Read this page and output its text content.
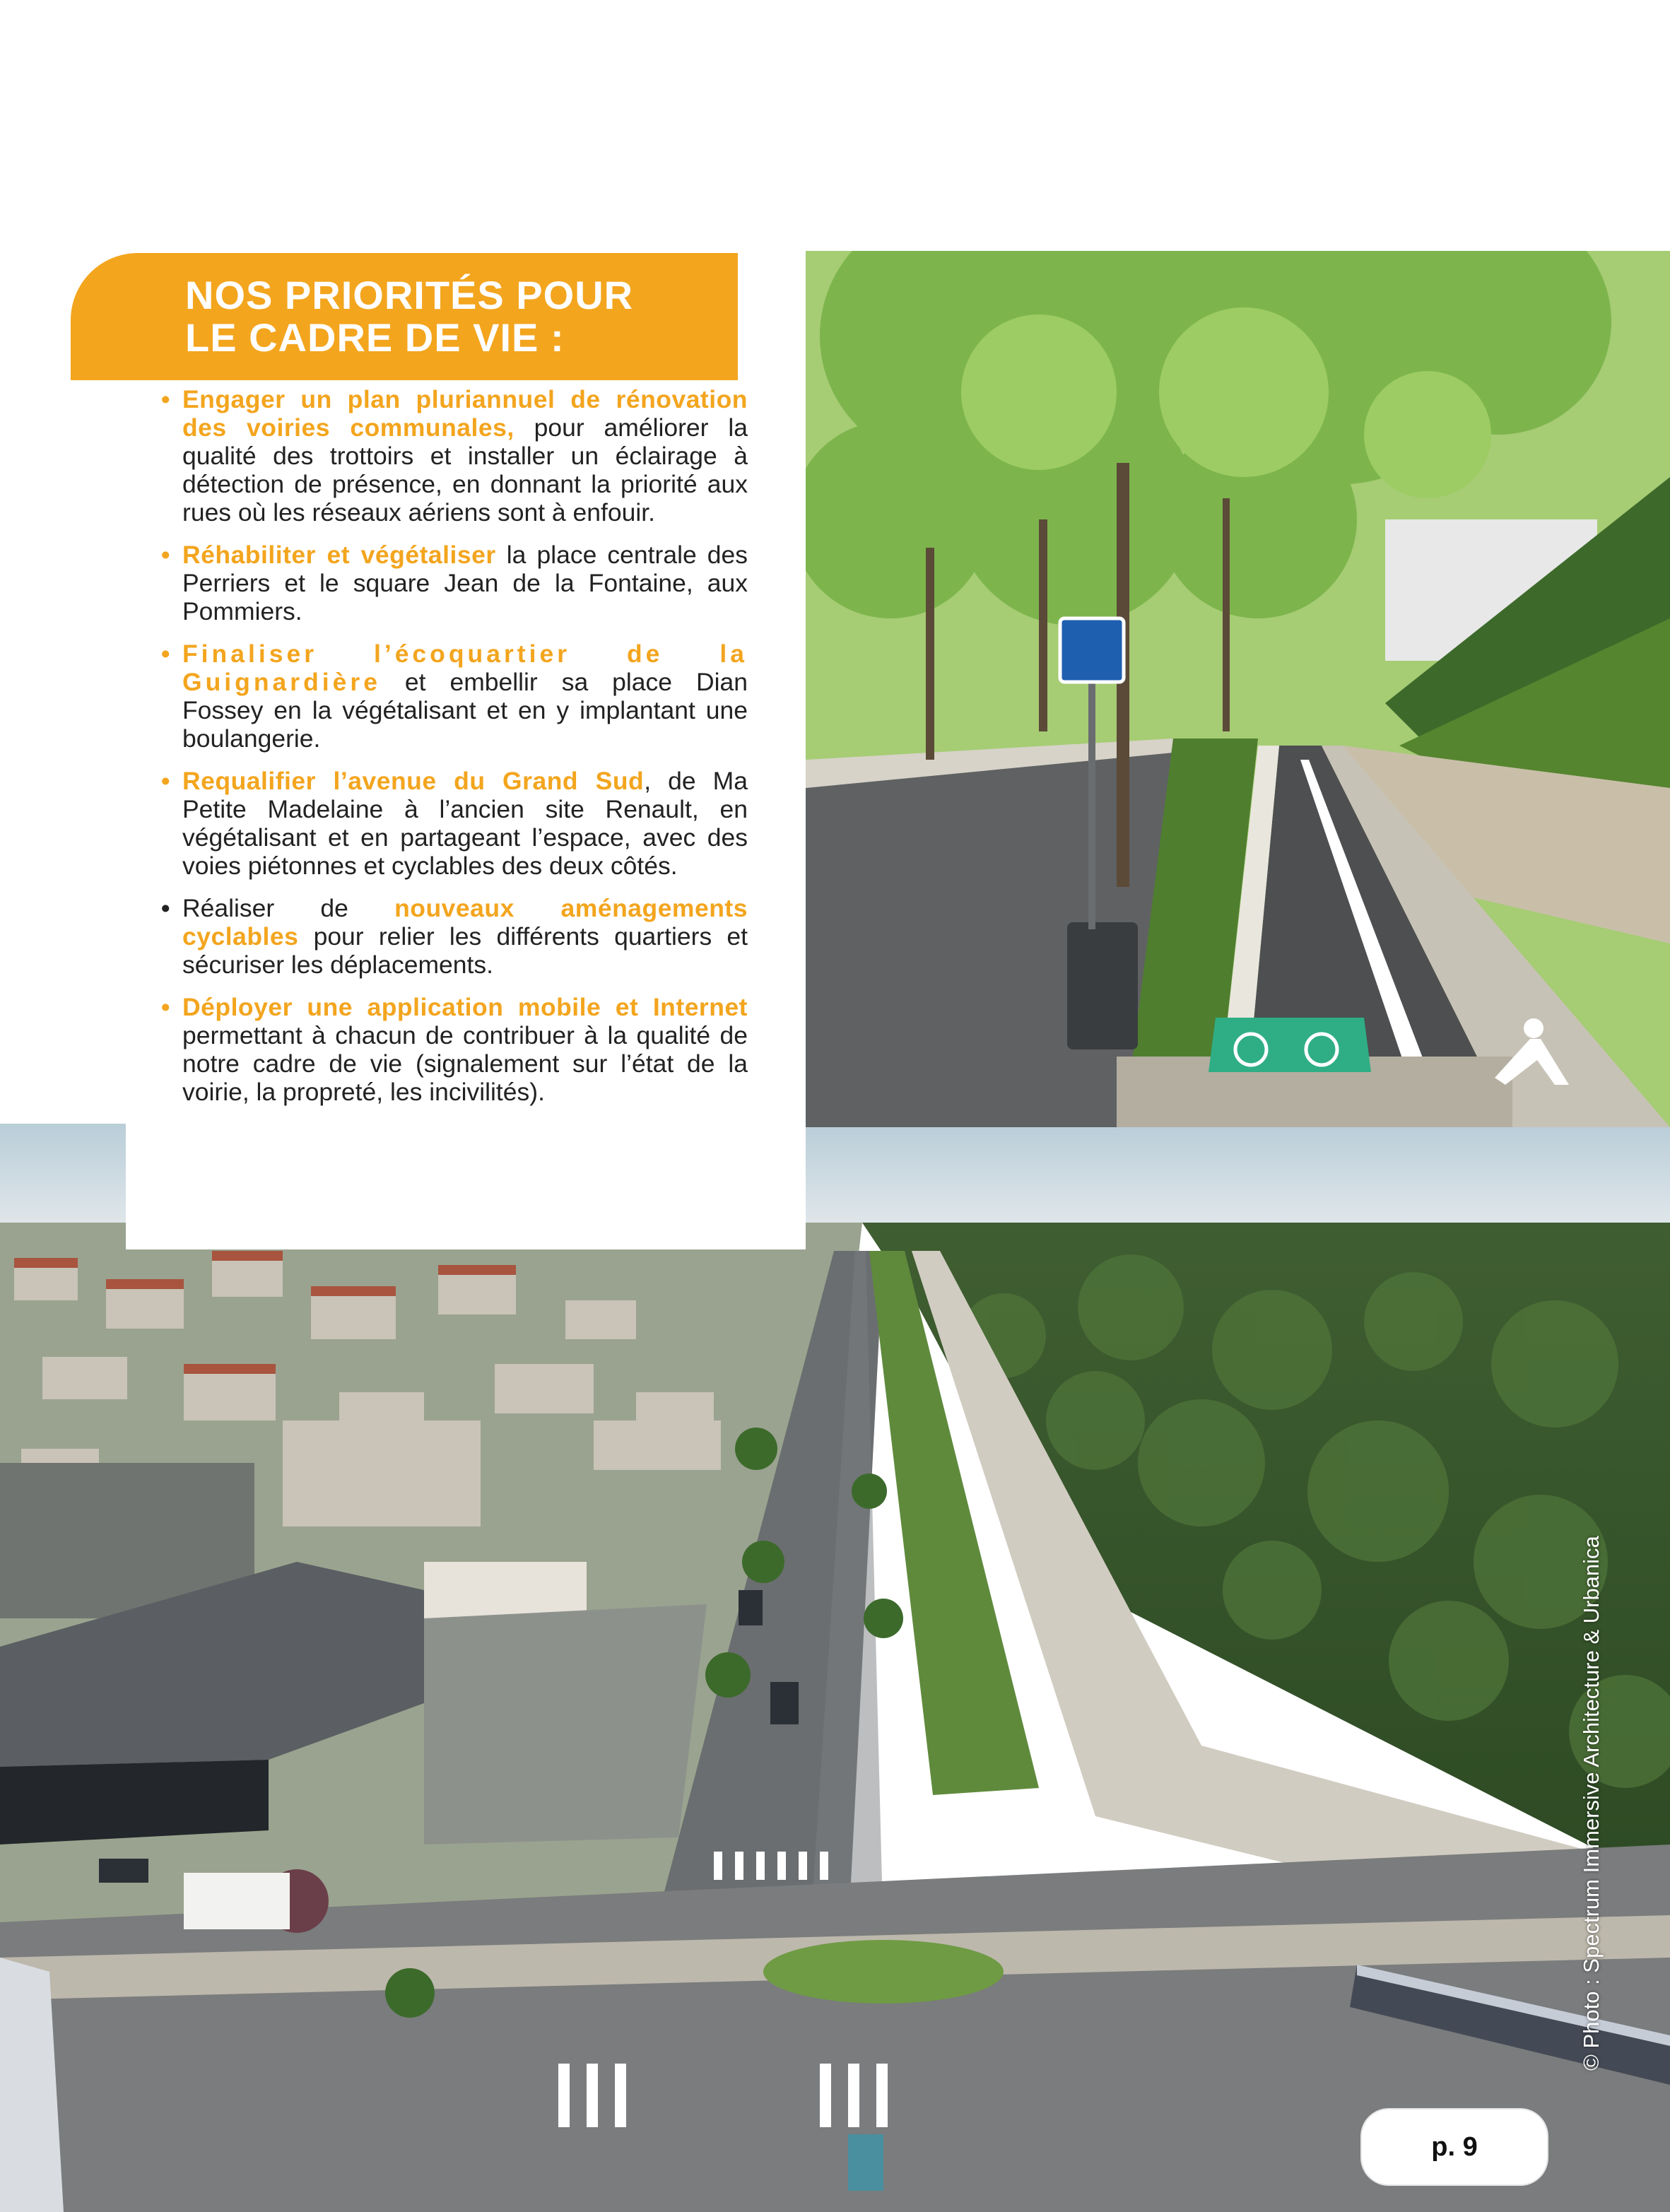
NOS PRIORITÉS POUR
LE CADRE DE VIE :
• Engager un plan pluriannuel de rénovation des voiries communales, pour améliorer la qualité des trottoirs et installer un éclairage à détection de présence, en donnant la priorité aux rues où les réseaux aériens sont à enfouir.
• Réhabiliter et végétaliser la place centrale des Perriers et le square Jean de la Fontaine, aux Pommiers.
• Finaliser l’écoquartier de la Guignardière et embellir sa place Dian Fossey en la végétalisant et en y implantant une boulangerie.
• Requalifier l’avenue du Grand Sud, de Ma Petite Madelaine à l’ancien site Renault, en végétalisant et en partageant l’espace, avec des voies piétonnes et cyclables des deux côtés.
• Réaliser de nouveaux aménagements cyclables pour relier les différents quartiers et sécuriser les déplacements.
• Déployer une application mobile et Internet permettant à chacun de contribuer à la qualité de notre cadre de vie (signalement sur l’état de la voirie, la propreté, les incivilités).
© Photo : Spectrum Immersive Architecture & Urbanica
p. 9
